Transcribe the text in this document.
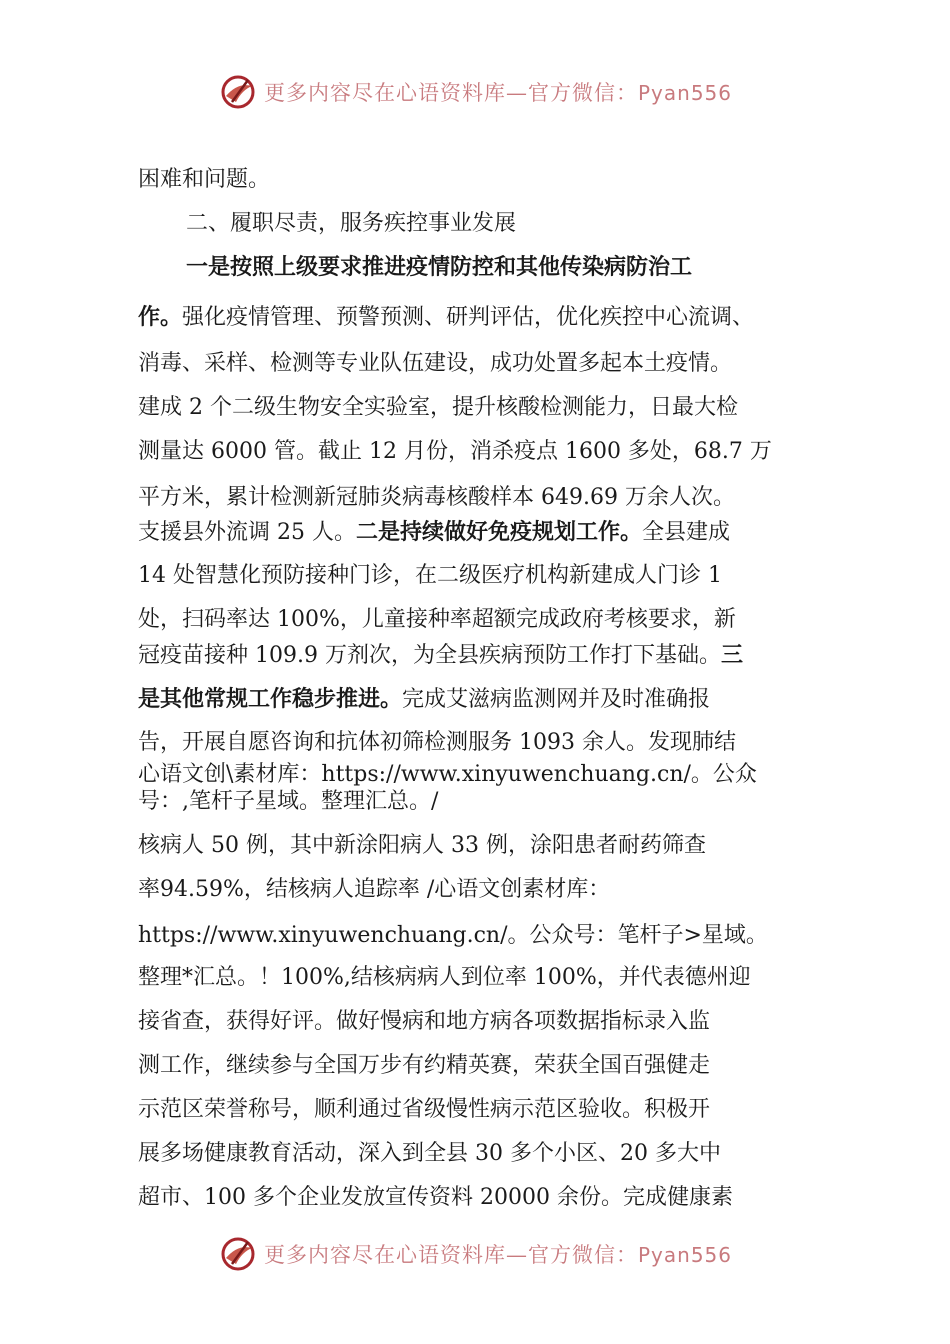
更多内容尽在心语资料库—官方微信：Pyan556
困难和问题。
二、履职尽责，服务疾控事业发展
一是按照上级要求推进疫情防控和其他传染病防治工
作。强化疫情管理、预警预测、研判评估，优化疾控中心流调、
消毒、采样、检测等专业队伍建设，成功处置多起本土疫情。
建成 2 个二级生物安全实验室，提升核酸检测能力，日最大检
测量达 6000 管。截止 12 月份，消杀疫点 1600 多处，68.7 万
平方米，累计检测新冠肺炎病毒核酸样本 649.69 万余人次。
支援县外流调 25 人。二是持续做好免疫规划工作。全县建成
14 处智慧化预防接种门诊，在二级医疗机构新建成人门诊 1
处，扫码率达 100%，儿童接种率超额完成政府考核要求，新
冠疫苗接种 109.9 万剂次，为全县疾病预防工作打下基础。三
是其他常规工作稳步推进。完成艾滋病监测网并及时准确报
告，开展自愿咨询和抗体初筛检测服务 1093 余人。发现肺结
心语文创\素材库：https://www.xinyuwenchuang.cn/。公众
号：,笔杆子星域。整理汇总。/
核病人 50 例，其中新涂阳病人 33 例，涂阳患者耐药筛查
率94.59%，结核病人追踪率 /心语文创素材库：
https://www.xinyuwenchuang.cn/。公众号：笔杆子>星域。
整理*汇总。！100%,结核病病人到位率 100%，并代表德州迎
接省查，获得好评。做好慢病和地方病各项数据指标录入监
测工作，继续参与全国万步有约精英赛，荣获全国百强健走
示范区荣誉称号，顺利通过省级慢性病示范区验收。积极开
展多场健康教育活动，深入到全县 30 多个小区、20 多大中
超市、100 多个企业发放宣传资料 20000 余份。完成健康素
更多内容尽在心语资料库—官方微信：Pyan556
